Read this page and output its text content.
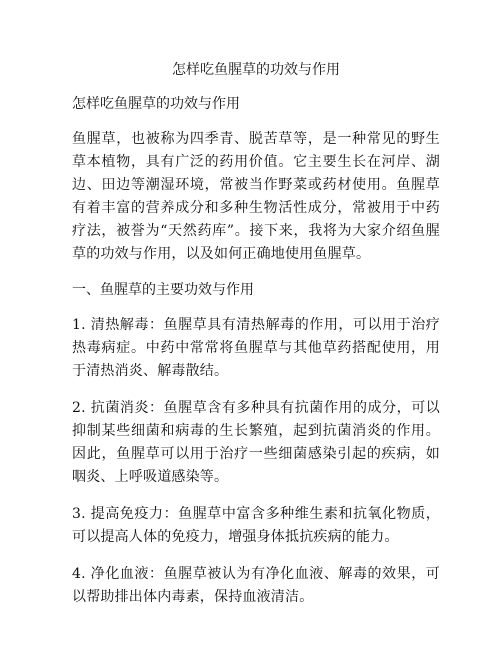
怎样吃鱼腥草的功效与作用

怎样吃鱼腥草的功效与作用

鱼腥草，也被称为四季青、脱苦草等，是一种常见的野生草本植物，具有广泛的药用价值。它主要生长在河岸、湖边、田边等潮湿环境，常被当作野菜或药材使用。鱼腥草有着丰富的营养成分和多种生物活性成分，常被用于中药疗法，被誉为“天然药库”。接下来，我将为大家介绍鱼腥草的功效与作用，以及如何正确地使用鱼腥草。

一、鱼腥草的主要功效与作用
1. 清热解毒：鱼腥草具有清热解毒的作用，可以用于治疗热毒病症。中药中常常将鱼腥草与其他草药搭配使用，用于清热消炎、解毒散结。
2. 抗菌消炎：鱼腥草含有多种具有抗菌作用的成分，可以抑制某些细菌和病毒的生长繁殖，起到抗菌消炎的作用。因此，鱼腥草可以用于治疗一些细菌感染引起的疾病，如咽炎、上呼吸道感染等。
3. 提高免疫力：鱼腥草中富含多种维生素和抗氧化物质，可以提高人体的免疫力，增强身体抵抗疾病的能力。
4. 净化血液：鱼腥草被认为有净化血液、解毒的效果，可以帮助排出体内毒素，保持血液清洁。
